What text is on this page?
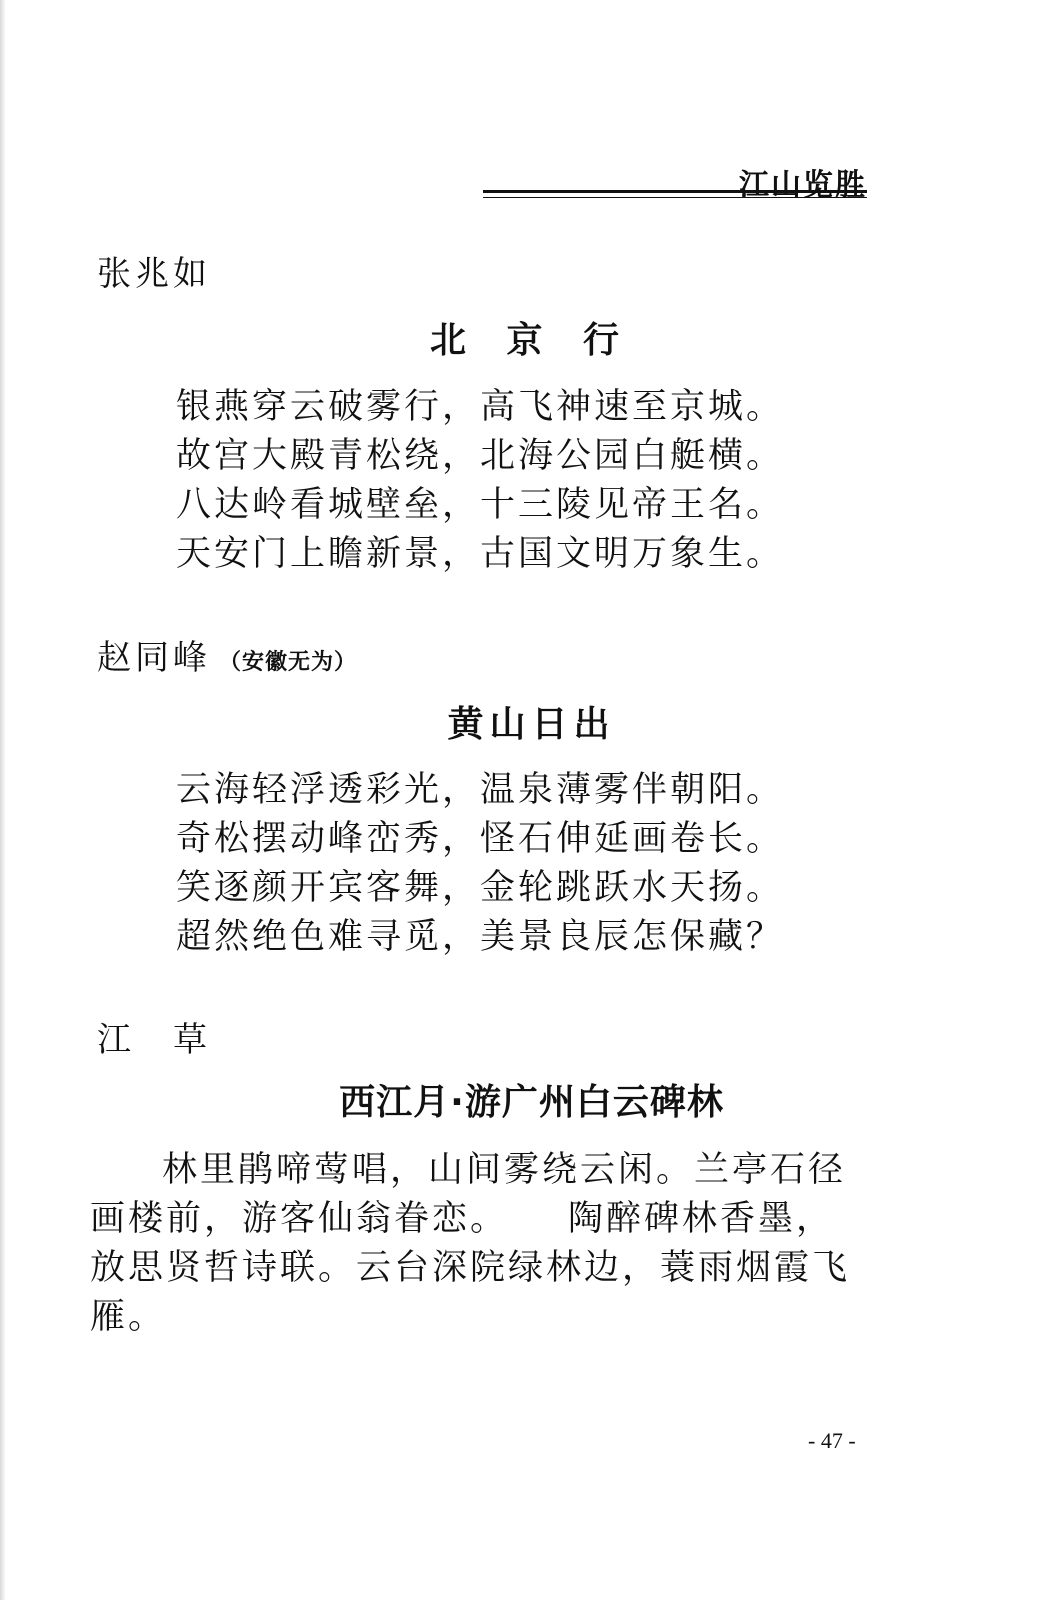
江山览胜
张兆如
北 京 行
银燕穿云破雾行，高飞神速至京城。
故宫大殿青松绕，北海公园白艇横。
八达岭看城壁垒，十三陵见帝王名。
天安门上瞻新景，古国文明万象生。
赵同峰 （安徽无为）
黄山日出
云海轻浮透彩光，温泉薄雾伴朝阳。
奇松摆动峰峦秀，怪石伸延画卷长。
笑逐颜开宾客舞，金轮跳跃水天扬。
超然绝色难寻觅，美景良辰怎保藏？
江　草
西江月·游广州白云碑林
林里鹃啼莺唱，山间雾绕云闲。兰亭石径画楼前，游客仙翁眷恋。 陶醉碑林香墨，放思贤哲诗联。云台深院绿林边，蓑雨烟霞飞雁。
- 47 -
